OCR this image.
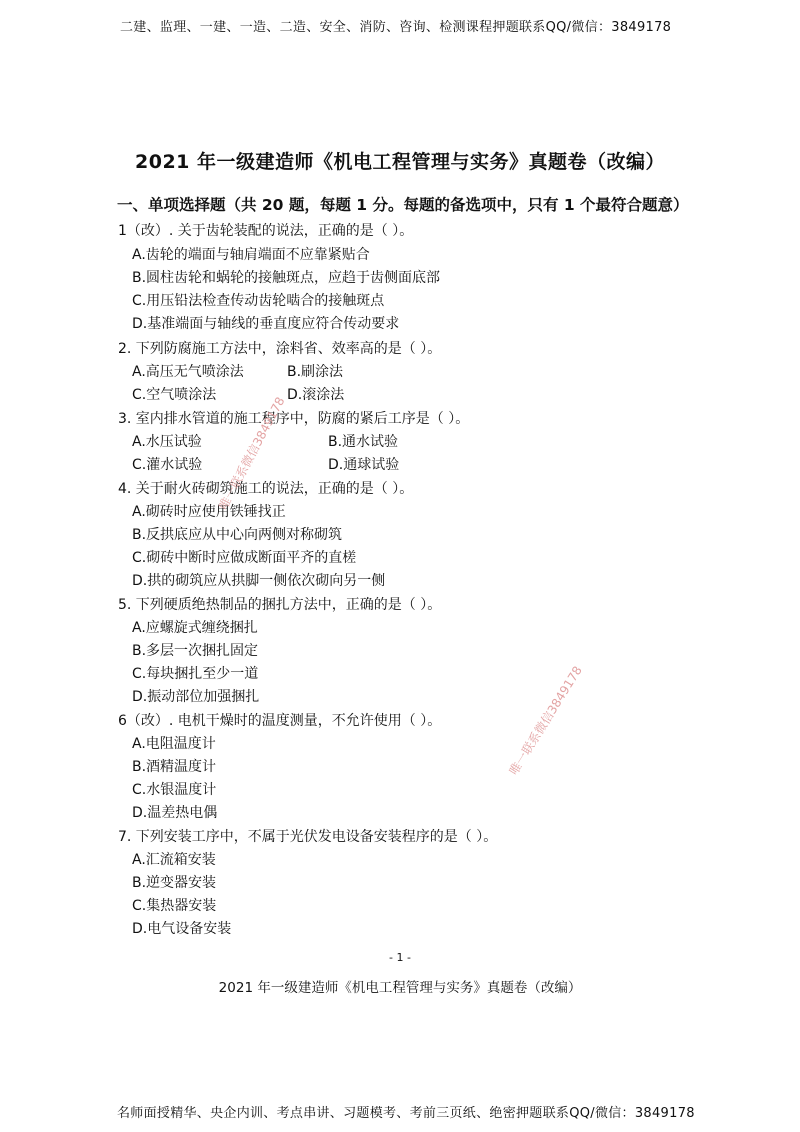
二建、监理、一建、一造、二造、安全、消防、咨询、检测课程押题联系QQ/微信：3849178
2021 年一级建造师《机电工程管理与实务》真题卷（改编）
一、单项选择题（共 20 题，每题 1 分。每题的备选项中，只有 1 个最符合题意）
1（改）. 关于齿轮装配的说法，正确的是（ ）。
A.齿轮的端面与轴肩端面不应靠紧贴合
B.圆柱齿轮和蜗轮的接触斑点，应趋于齿侧面底部
C.用压铅法检查传动齿轮啮合的接触斑点
D.基准端面与轴线的垂直度应符合传动要求
2. 下列防腐施工方法中，涂料省、效率高的是（ ）。
A.高压无气喷涂法	B.刷涂法
C.空气喷涂法	D.滚涂法
3. 室内排水管道的施工程序中，防腐的紧后工序是（ ）。
A.水压试验	B.通水试验
C.灌水试验	D.通球试验
4. 关于耐火砖砌筑施工的说法，正确的是（ ）。
A.砌砖时应使用铁锤找正
B.反拱底应从中心向两侧对称砌筑
C.砌砖中断时应做成断面平齐的直槎
D.拱的砌筑应从拱脚一侧依次砌向另一侧
5. 下列硬质绝热制品的捆扎方法中，正确的是（ ）。
A.应螺旋式缠绕捆扎
B.多层一次捆扎固定
C.每块捆扎至少一道
D.振动部位加强捆扎
6（改）. 电机干燥时的温度测量，不允许使用（ ）。
A.电阻温度计
B.酒精温度计
C.水银温度计
D.温差热电偶
7. 下列安装工序中，不属于光伏发电设备安装程序的是（ ）。
A.汇流箱安装
B.逆变器安装
C.集热器安装
D.电气设备安装
唯一联系微信3849178
唯一联系微信3849178
- 1 -
2021 年一级建造师《机电工程管理与实务》真题卷（改编）
名师面授精华、央企内训、考点串讲、习题模考、考前三页纸、绝密押题联系QQ/微信：3849178
